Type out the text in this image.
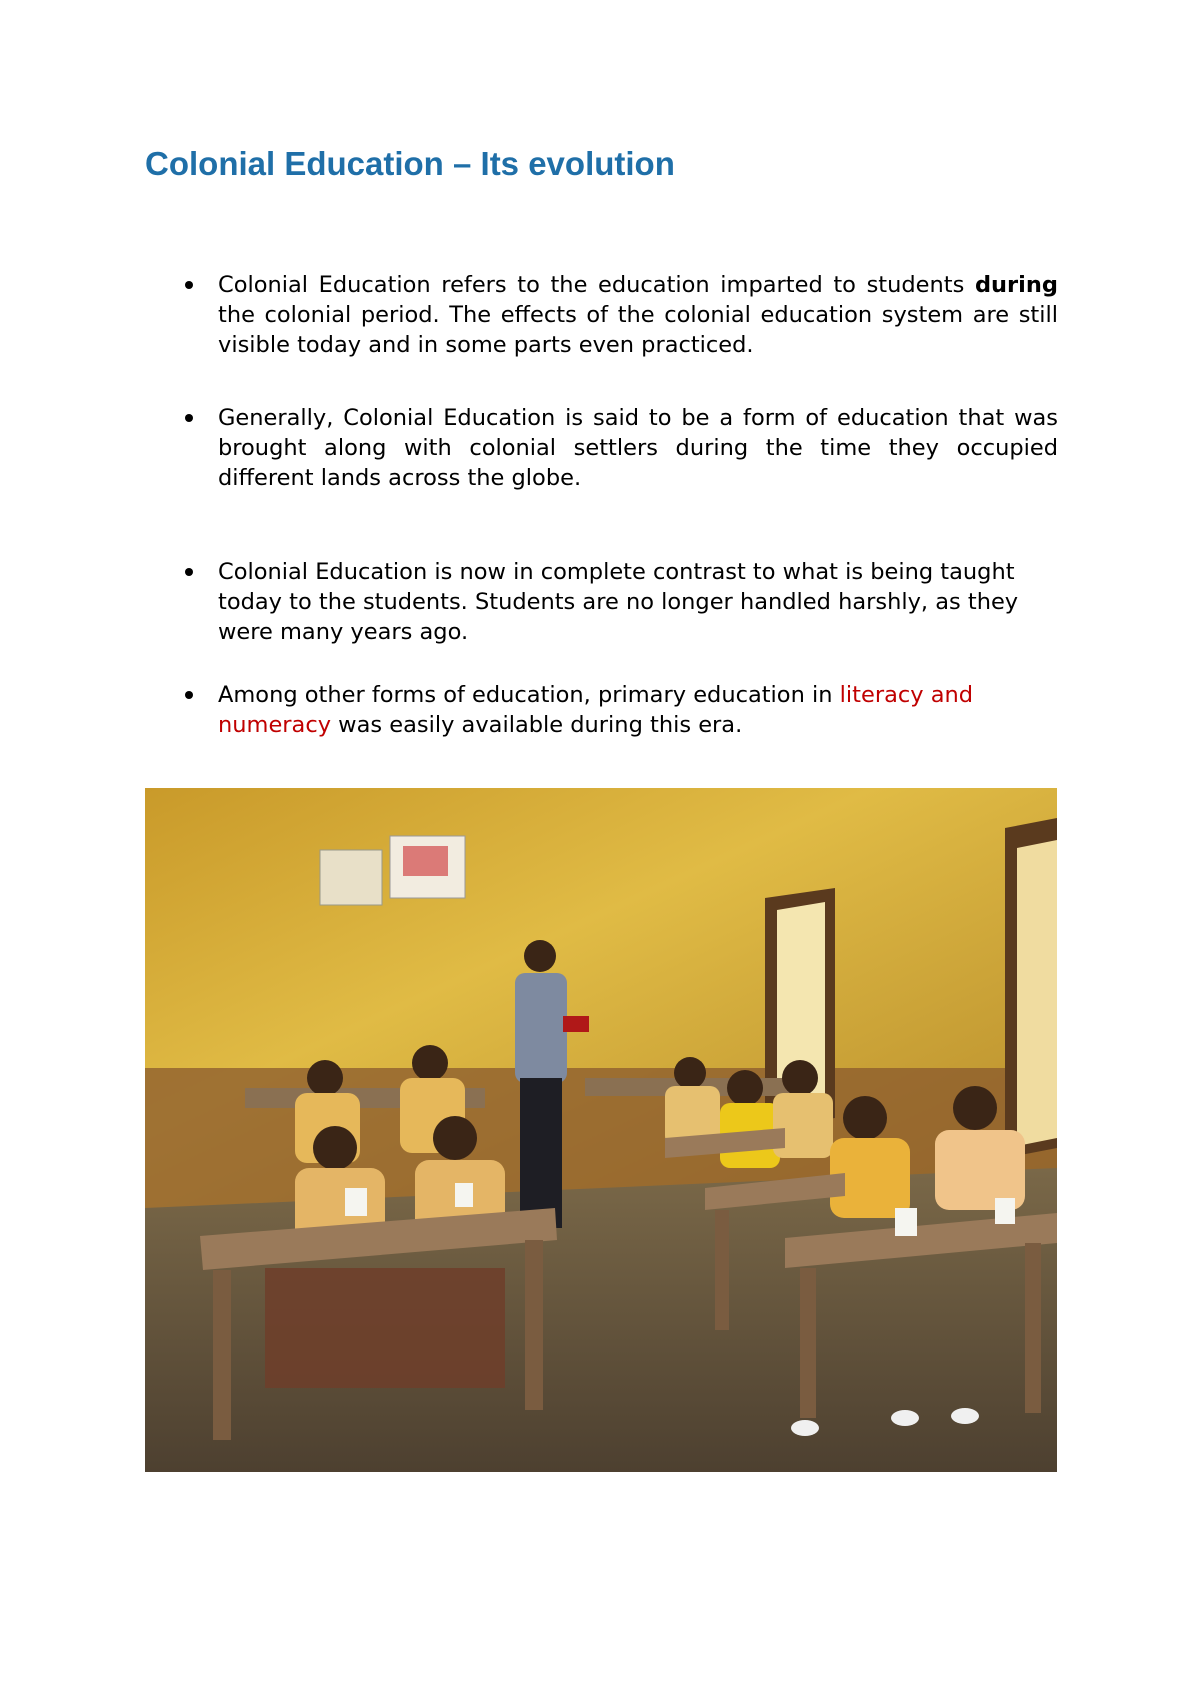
Colonial Education – Its evolution
Colonial Education refers to the education imparted to students during the colonial period. The effects of the colonial education system are still visible today and in some parts even practiced.
Generally, Colonial Education is said to be a form of education that was brought along with colonial settlers during the time they occupied different lands across the globe.
Colonial Education is now in complete contrast to what is being taught today to the students. Students are no longer handled harshly, as they were many years ago.
Among other forms of education, primary education in literacy and numeracy was easily available during this era.
